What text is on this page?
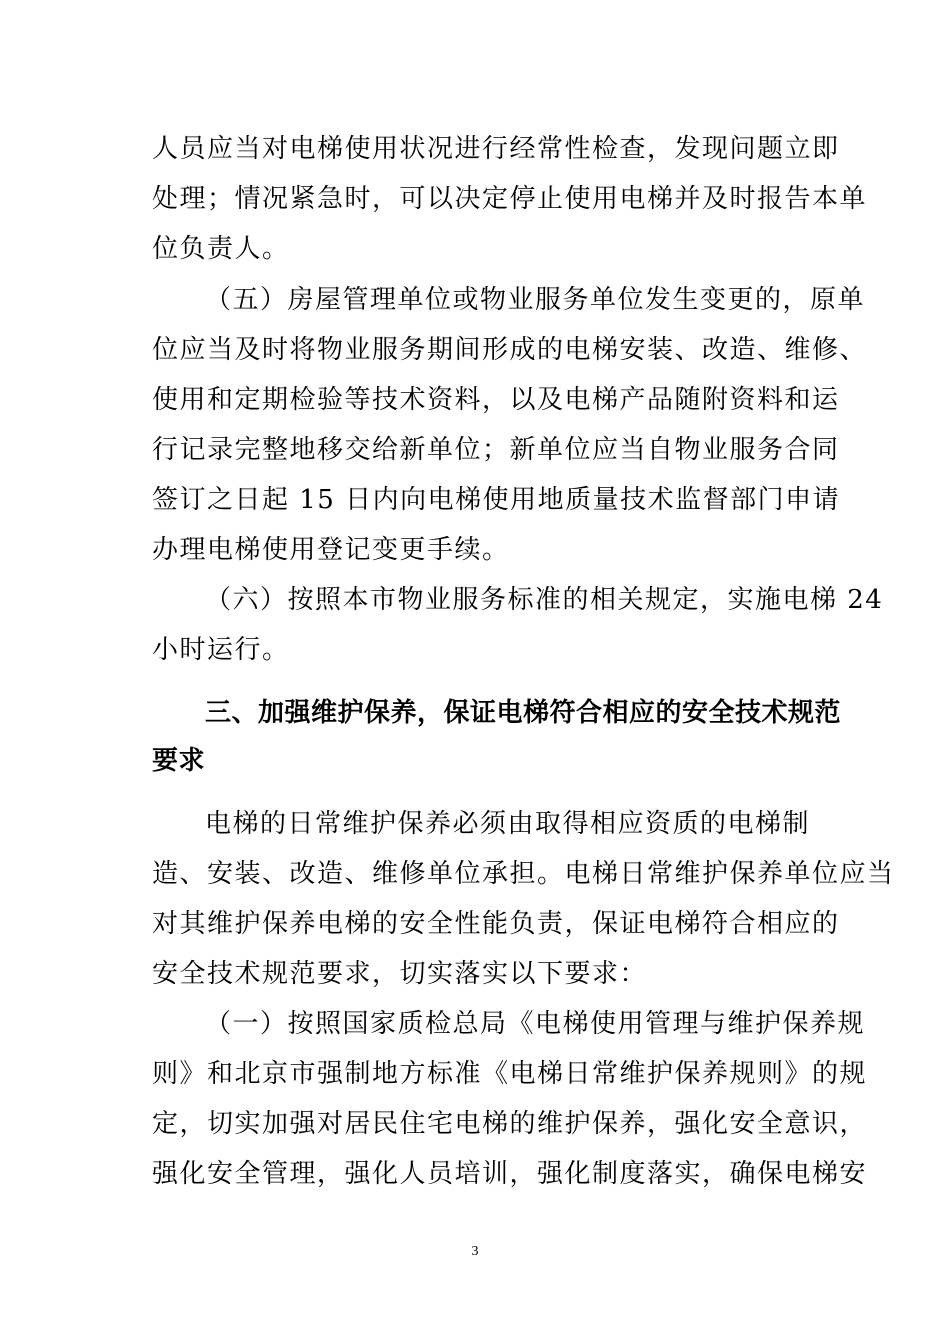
人员应当对电梯使用状况进行经常性检查，发现问题立即
处理；情况紧急时，可以决定停止使用电梯并及时报告本单
位负责人。
（五）房屋管理单位或物业服务单位发生变更的，原单
位应当及时将物业服务期间形成的电梯安装、改造、维修、
使用和定期检验等技术资料，以及电梯产品随附资料和运
行记录完整地移交给新单位；新单位应当自物业服务合同
签订之日起 15 日内向电梯使用地质量技术监督部门申请
办理电梯使用登记变更手续。
（六）按照本市物业服务标准的相关规定，实施电梯 24
小时运行。
三、加强维护保养，保证电梯符合相应的安全技术规范
要求
电梯的日常维护保养必须由取得相应资质的电梯制
造、安装、改造、维修单位承担。电梯日常维护保养单位应当
对其维护保养电梯的安全性能负责，保证电梯符合相应的
安全技术规范要求，切实落实以下要求：
（一）按照国家质检总局《电梯使用管理与维护保养规
则》和北京市强制地方标准《电梯日常维护保养规则》的规
定，切实加强对居民住宅电梯的维护保养，强化安全意识，
强化安全管理，强化人员培训，强化制度落实，确保电梯安
3
